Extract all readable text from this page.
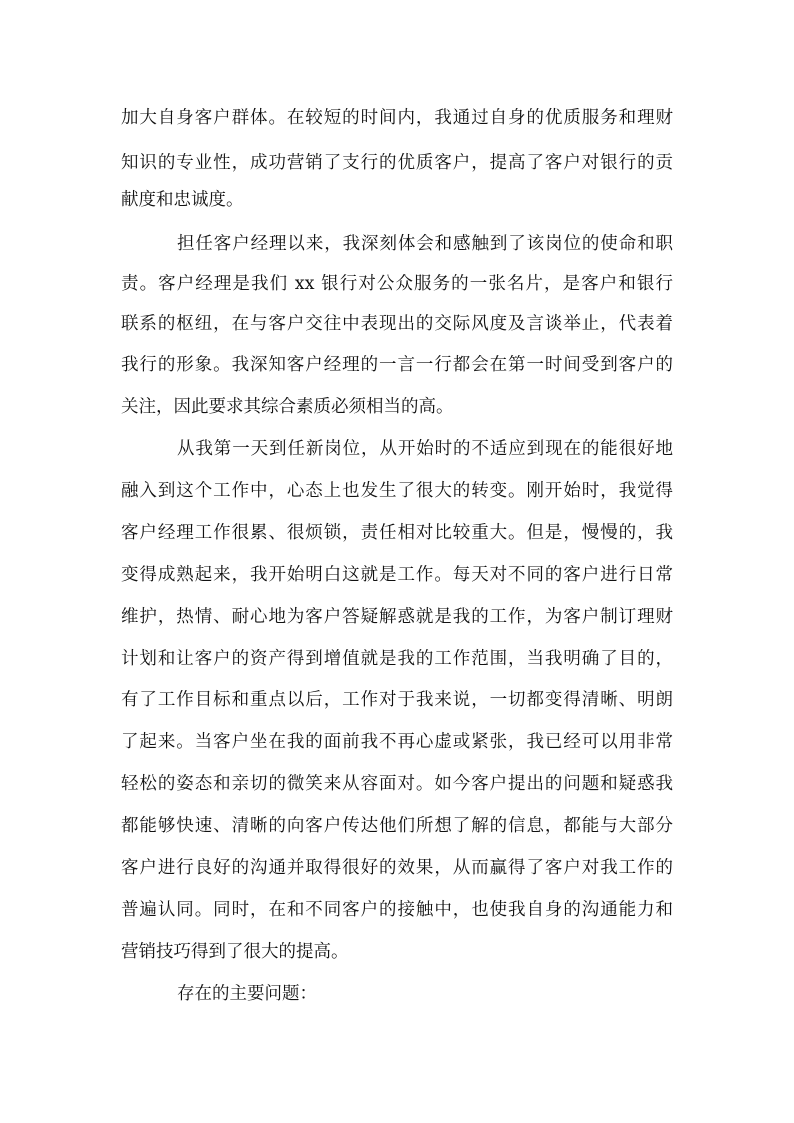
加大自身客户群体。在较短的时间内，我通过自身的优质服务和理财
知识的专业性，成功营销了支行的优质客户，提高了客户对银行的贡
献度和忠诚度。
担任客户经理以来，我深刻体会和感触到了该岗位的使命和职
责。客户经理是我们 xx 银行对公众服务的一张名片，是客户和银行
联系的枢纽，在与客户交往中表现出的交际风度及言谈举止，代表着
我行的形象。我深知客户经理的一言一行都会在第一时间受到客户的
关注，因此要求其综合素质必须相当的高。
从我第一天到任新岗位，从开始时的不适应到现在的能很好地
融入到这个工作中，心态上也发生了很大的转变。刚开始时，我觉得
客户经理工作很累、很烦锁，责任相对比较重大。但是，慢慢的，我
变得成熟起来，我开始明白这就是工作。每天对不同的客户进行日常
维护，热情、耐心地为客户答疑解惑就是我的工作，为客户制订理财
计划和让客户的资产得到增值就是我的工作范围，当我明确了目的，
有了工作目标和重点以后，工作对于我来说，一切都变得清晰、明朗
了起来。当客户坐在我的面前我不再心虚或紧张，我已经可以用非常
轻松的姿态和亲切的微笑来从容面对。如今客户提出的问题和疑惑我
都能够快速、清晰的向客户传达他们所想了解的信息，都能与大部分
客户进行良好的沟通并取得很好的效果，从而赢得了客户对我工作的
普遍认同。同时，在和不同客户的接触中，也使我自身的沟通能力和
营销技巧得到了很大的提高。
存在的主要问题：
